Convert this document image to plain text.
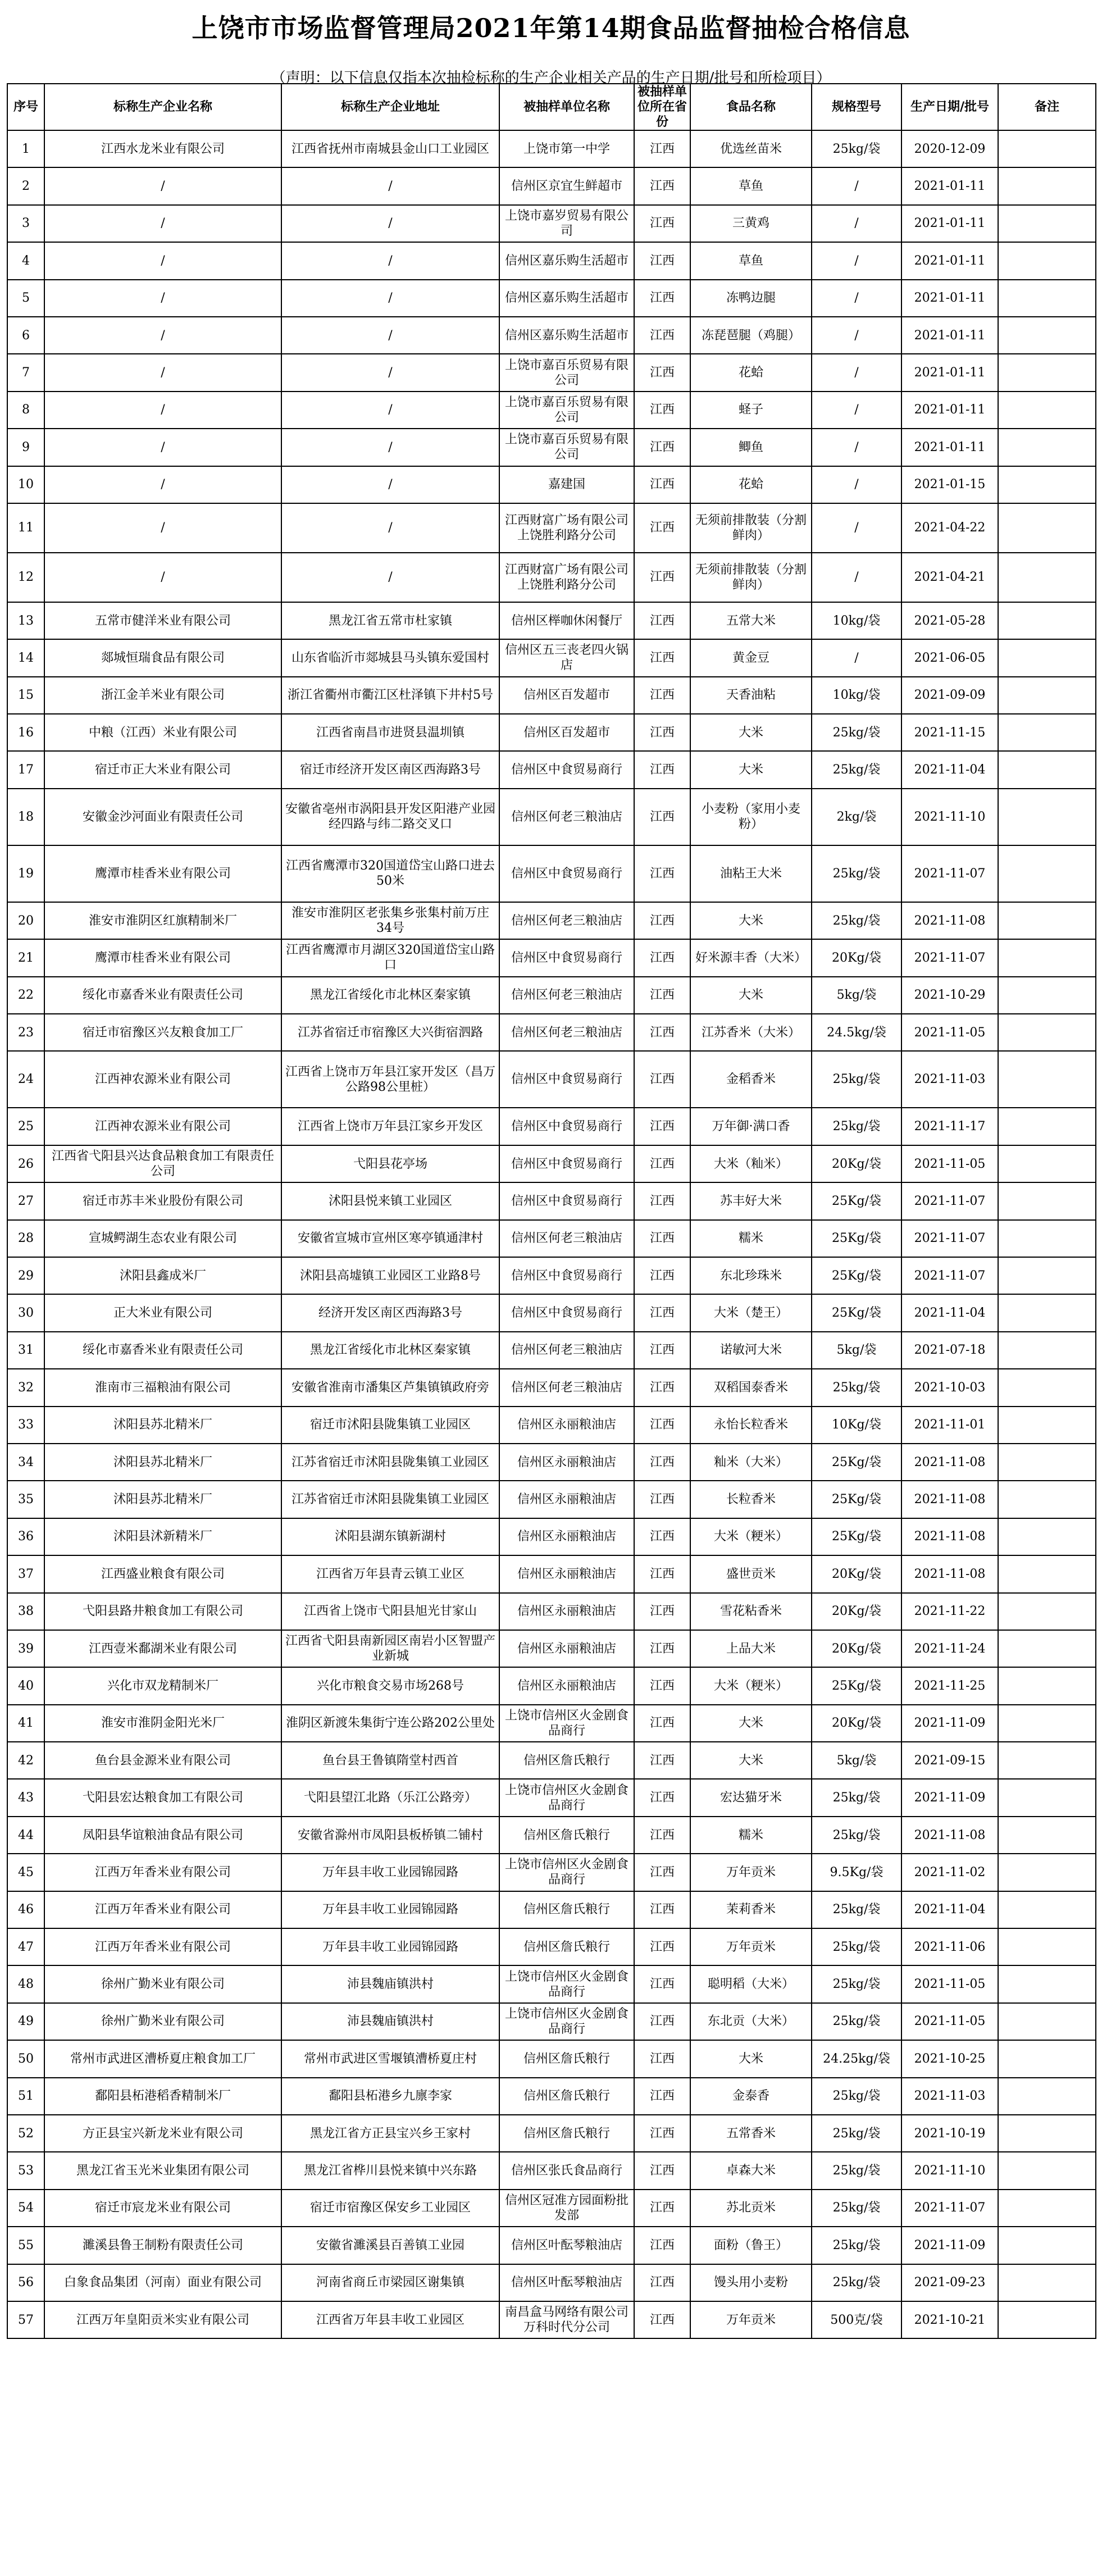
上饶市市场监督管理局2021年第14期食品监督抽检合格信息
（声明：以下信息仅指本次抽检标称的生产企业相关产品的生产日期/批号和所检项目）
序号	标称生产企业名称	标称生产企业地址	被抽样单位名称	被抽样单位所在省份	食品名称	规格型号	生产日期/批号	备注
1	江西水龙米业有限公司	江西省抚州市南城县金山口工业园区	上饶市第一中学	江西	优选丝苗米	25kg/袋	2020-12-09	
2	/	/	信州区京宜生鲜超市	江西	草鱼	/	2021-01-11	
3	/	/	上饶市嘉岁贸易有限公司	江西	三黄鸡	/	2021-01-11	
4	/	/	信州区嘉乐购生活超市	江西	草鱼	/	2021-01-11	
5	/	/	信州区嘉乐购生活超市	江西	冻鸭边腿	/	2021-01-11	
6	/	/	信州区嘉乐购生活超市	江西	冻琵琶腿（鸡腿）	/	2021-01-11	
7	/	/	上饶市嘉百乐贸易有限公司	江西	花蛤	/	2021-01-11	
8	/	/	上饶市嘉百乐贸易有限公司	江西	蛏子	/	2021-01-11	
9	/	/	上饶市嘉百乐贸易有限公司	江西	鲫鱼	/	2021-01-11	
10	/	/	嘉建国	江西	花蛤	/	2021-01-15	
11	/	/	江西财富广场有限公司上饶胜利路分公司	江西	无须前排散装（分割鲜肉）	/	2021-04-22	
12	/	/	江西财富广场有限公司上饶胜利路分公司	江西	无须前排散装（分割鲜肉）	/	2021-04-21	
13	五常市健洋米业有限公司	黑龙江省五常市杜家镇	信州区榉咖休闲餐厅	江西	五常大米	10kg/袋	2021-05-28	
14	郯城恒瑞食品有限公司	山东省临沂市郯城县马头镇东爱国村	信州区五三丧老四火锅店	江西	黄金豆	/	2021-06-05	
15	浙江金羊米业有限公司	浙江省衢州市衢江区杜泽镇下井村5号	信州区百发超市	江西	天香油粘	10kg/袋	2021-09-09	
16	中粮（江西）米业有限公司	江西省南昌市进贤县温圳镇	信州区百发超市	江西	大米	25kg/袋	2021-11-15	
17	宿迁市正大米业有限公司	宿迁市经济开发区南区西海路3号	信州区中食贸易商行	江西	大米	25kg/袋	2021-11-04	
18	安徽金沙河面业有限责任公司	安徽省亳州市涡阳县开发区阳港产业园经四路与纬二路交叉口	信州区何老三粮油店	江西	小麦粉（家用小麦粉）	2kg/袋	2021-11-10	
19	鹰潭市桂香米业有限公司	江西省鹰潭市320国道岱宝山路口进去50米	信州区中食贸易商行	江西	油粘王大米	25kg/袋	2021-11-07	
20	淮安市淮阴区红旗精制米厂	淮安市淮阴区老张集乡张集村前万庄34号	信州区何老三粮油店	江西	大米	25kg/袋	2021-11-08	
21	鹰潭市桂香米业有限公司	江西省鹰潭市月湖区320国道岱宝山路口	信州区中食贸易商行	江西	好米源丰香（大米）	20Kg/袋	2021-11-07	
22	绥化市嘉香米业有限责任公司	黑龙江省绥化市北林区秦家镇	信州区何老三粮油店	江西	大米	5kg/袋	2021-10-29	
23	宿迁市宿豫区兴友粮食加工厂	江苏省宿迁市宿豫区大兴街宿泗路	信州区何老三粮油店	江西	江苏香米（大米）	24.5kg/袋	2021-11-05	
24	江西神农源米业有限公司	江西省上饶市万年县江家开发区（昌万公路98公里桩）	信州区中食贸易商行	江西	金稻香米	25kg/袋	2021-11-03	
25	江西神农源米业有限公司	江西省上饶市万年县江家乡开发区	信州区中食贸易商行	江西	万年御·满口香	25kg/袋	2021-11-17	
26	江西省弋阳县兴达食品粮食加工有限责任公司	弋阳县花亭场	信州区中食贸易商行	江西	大米（籼米）	20Kg/袋	2021-11-05	
27	宿迁市苏丰米业股份有限公司	沭阳县悦来镇工业园区	信州区中食贸易商行	江西	苏丰好大米	25Kg/袋	2021-11-07	
28	宣城鳄湖生态农业有限公司	安徽省宣城市宣州区寒亭镇通津村	信州区何老三粮油店	江西	糯米	25Kg/袋	2021-11-07	
29	沭阳县鑫成米厂	沭阳县高墟镇工业园区工业路8号	信州区中食贸易商行	江西	东北珍珠米	25Kg/袋	2021-11-07	
30	正大米业有限公司	经济开发区南区西海路3号	信州区中食贸易商行	江西	大米（楚王）	25Kg/袋	2021-11-04	
31	绥化市嘉香米业有限责任公司	黑龙江省绥化市北林区秦家镇	信州区何老三粮油店	江西	诺敏河大米	5kg/袋	2021-07-18	
32	淮南市三福粮油有限公司	安徽省淮南市潘集区芦集镇镇政府旁	信州区何老三粮油店	江西	双稻国泰香米	25kg/袋	2021-10-03	
33	沭阳县苏北精米厂	宿迁市沭阳县陇集镇工业园区	信州区永丽粮油店	江西	永怡长粒香米	10Kg/袋	2021-11-01	
34	沭阳县苏北精米厂	江苏省宿迁市沭阳县陇集镇工业园区	信州区永丽粮油店	江西	籼米（大米）	25Kg/袋	2021-11-08	
35	沭阳县苏北精米厂	江苏省宿迁市沭阳县陇集镇工业园区	信州区永丽粮油店	江西	长粒香米	25Kg/袋	2021-11-08	
36	沭阳县沭新精米厂	沭阳县湖东镇新湖村	信州区永丽粮油店	江西	大米（粳米）	25Kg/袋	2021-11-08	
37	江西盛业粮食有限公司	江西省万年县青云镇工业区	信州区永丽粮油店	江西	盛世贡米	20Kg/袋	2021-11-08	
38	弋阳县路井粮食加工有限公司	江西省上饶市弋阳县旭光甘家山	信州区永丽粮油店	江西	雪花粘香米	20Kg/袋	2021-11-22	
39	江西壹米鄱湖米业有限公司	江西省弋阳县南新园区南岩小区智盟产业新城	信州区永丽粮油店	江西	上品大米	20Kg/袋	2021-11-24	
40	兴化市双龙精制米厂	兴化市粮食交易市场268号	信州区永丽粮油店	江西	大米（粳米）	25Kg/袋	2021-11-25	
41	淮安市淮阴金阳光米厂	淮阴区新渡朱集街宁连公路202公里处	上饶市信州区火金剧食品商行	江西	大米	20Kg/袋	2021-11-09	
42	鱼台县金源米业有限公司	鱼台县王鲁镇隋堂村西首	信州区詹氏粮行	江西	大米	5kg/袋	2021-09-15	
43	弋阳县宏达粮食加工有限公司	弋阳县望江北路（乐江公路旁）	上饶市信州区火金剧食品商行	江西	宏达猫牙米	25kg/袋	2021-11-09	
44	凤阳县华谊粮油食品有限公司	安徽省滁州市凤阳县板桥镇二铺村	信州区詹氏粮行	江西	糯米	25kg/袋	2021-11-08	
45	江西万年香米业有限公司	万年县丰收工业园锦园路	上饶市信州区火金剧食品商行	江西	万年贡米	9.5Kg/袋	2021-11-02	
46	江西万年香米业有限公司	万年县丰收工业园锦园路	信州区詹氏粮行	江西	茉莉香米	25kg/袋	2021-11-04	
47	江西万年香米业有限公司	万年县丰收工业园锦园路	信州区詹氏粮行	江西	万年贡米	25kg/袋	2021-11-06	
48	徐州广勤米业有限公司	沛县魏庙镇洪村	上饶市信州区火金剧食品商行	江西	聪明稻（大米）	25kg/袋	2021-11-05	
49	徐州广勤米业有限公司	沛县魏庙镇洪村	上饶市信州区火金剧食品商行	江西	东北贡（大米）	25kg/袋	2021-11-05	
50	常州市武进区漕桥夏庄粮食加工厂	常州市武进区雪堰镇漕桥夏庄村	信州区詹氏粮行	江西	大米	24.25kg/袋	2021-10-25	
51	鄱阳县柘港稻香精制米厂	鄱阳县柘港乡九廪李家	信州区詹氏粮行	江西	金泰香	25kg/袋	2021-11-03	
52	方正县宝兴新龙米业有限公司	黑龙江省方正县宝兴乡王家村	信州区詹氏粮行	江西	五常香米	25kg/袋	2021-10-19	
53	黑龙江省玉光米业集团有限公司	黑龙江省桦川县悦来镇中兴东路	信州区张氏食品商行	江西	卓森大米	25kg/袋	2021-11-10	
54	宿迁市宸龙米业有限公司	宿迁市宿豫区保安乡工业园区	信州区冠准方园面粉批发部	江西	苏北贡米	25kg/袋	2021-11-07	
55	濉溪县鲁王制粉有限责任公司	安徽省濉溪县百善镇工业园	信州区叶酝琴粮油店	江西	面粉（鲁王）	25kg/袋	2021-11-09	
56	白象食品集团（河南）面业有限公司	河南省商丘市梁园区谢集镇	信州区叶酝琴粮油店	江西	馒头用小麦粉	25kg/袋	2021-09-23	
57	江西万年皇阳贡米实业有限公司	江西省万年县丰收工业园区	南昌盒马网络有限公司万科时代分公司	江西	万年贡米	500克/袋	2021-10-21	
